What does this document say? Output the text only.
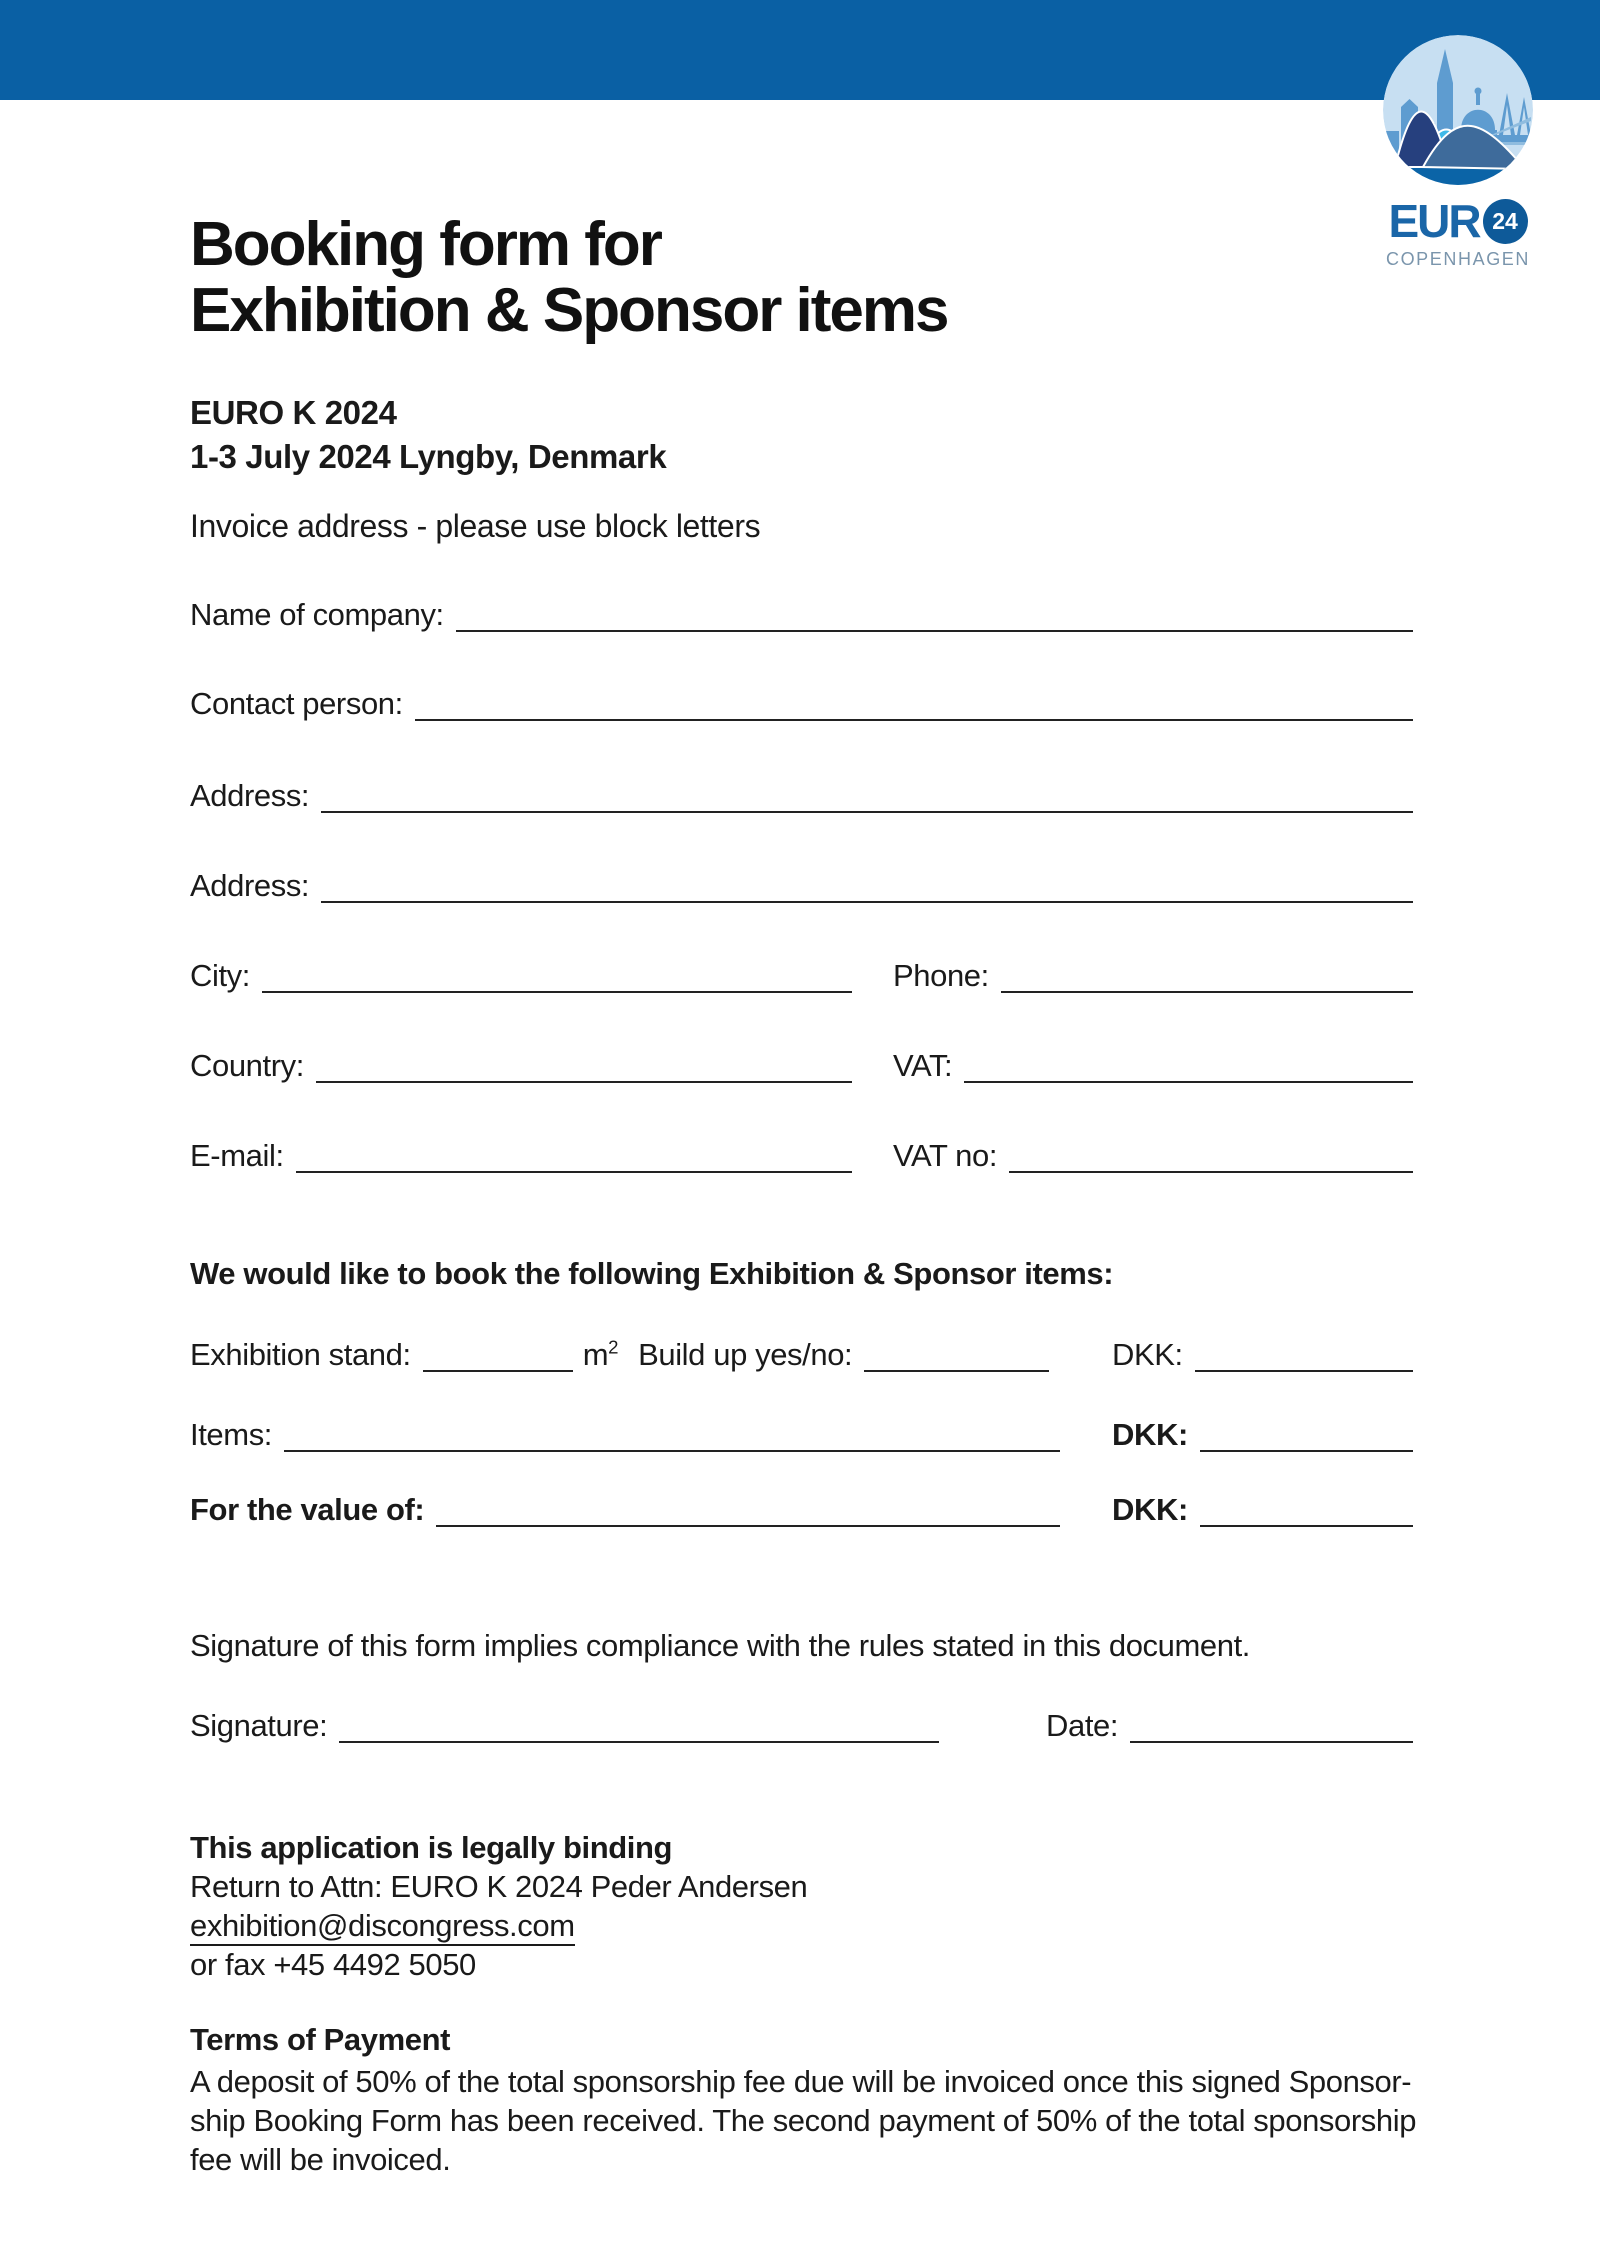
EUR 24
COPENHAGEN
Booking form for
Exhibition & Sponsor items
EURO K 2024
1-3 July 2024 Lyngby, Denmark
Invoice address - please use block letters
Name of company:
Contact person:
Address:
Address:
City:	Phone:
Country:	VAT:
E-mail:	VAT no:
We would like to book the following Exhibition & Sponsor items:
Exhibition stand:	$m^2$ Build up yes/no:	DKK:
Items:	DKK:
For the value of:	DKK:
Signature of this form implies compliance with the rules stated in this document.
Signature:	Date:
This application is legally binding
Return to Attn: EURO K 2024 Peder Andersen
exhibition@discongress.com
or fax +45 4492 5050
Terms of Payment
A deposit of 50% of the total sponsorship fee due will be invoiced once this signed Sponsor-
ship Booking Form has been received. The second payment of 50% of the total sponsorship
fee will be invoiced.
